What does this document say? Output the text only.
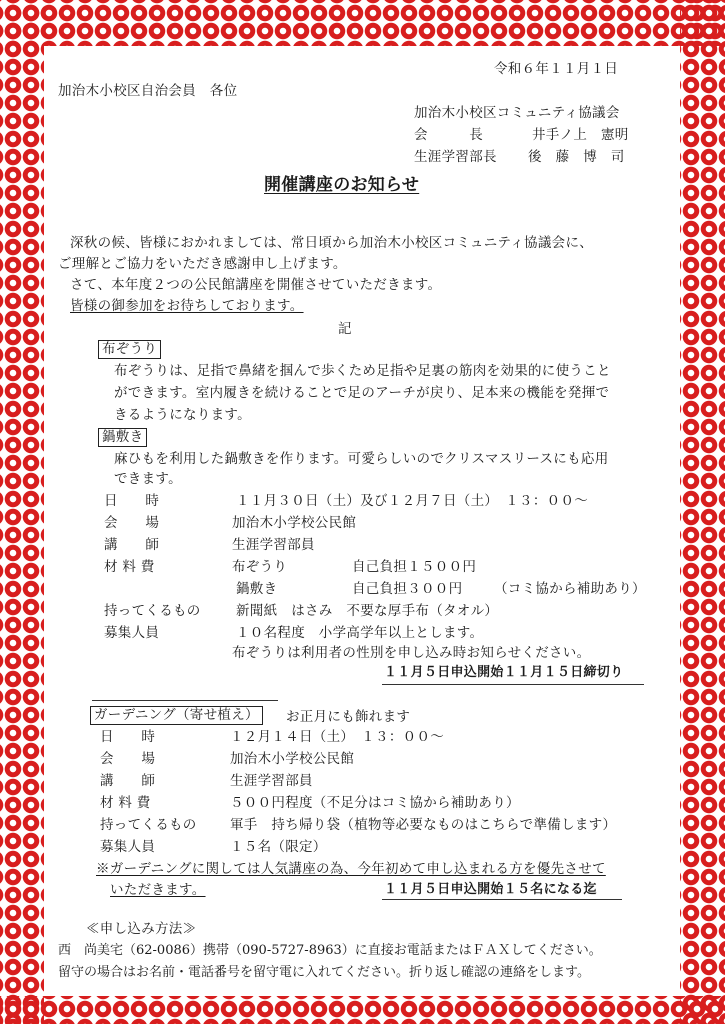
令和６年１１月１日
加治木小校区自治会員　各位
加治木小校区コミュニティ協議会
会　　　長	井手ノ上　憲明
生涯学習部長 後　藤　博　司
開催講座のお知らせ
深秋の候、皆様におかれましては、常日頃から加治木小校区コミュニティ協議会に、
ご理解とご協力をいただき感謝申し上げます。
さて、本年度２つの公民館講座を開催させていただきます。
皆様の御参加をお待ちしております。
記
布ぞうり
布ぞうりは、足指で鼻緒を掴んで歩くため足指や足裏の筋肉を効果的に使うこと
ができます。室内履きを続けることで足のアーチが戻り、足本来の機能を発揮で
きるようになります。
鍋敷き
麻ひもを利用した鍋敷きを作ります。可愛らしいのでクリスマスリースにも応用
できます。
日　　時	１１月３０日（土）及び１２月７日（土）　１３：００～
会　　場	加治木小学校公民館
講　　師	生涯学習部員
材 料 費	布ぞうり	自己負担１５００円
鍋敷き	自己負担３００円 （コミ協から補助あり）
持ってくるもの	新聞紙　はさみ　不要な厚手布（タオル）
募集人員	１０名程度　小学高学年以上とします。
布ぞうりは利用者の性別を申し込み時お知らせください。
１１月５日申込開始１１月１５日締切り
ガーデニング（寄せ植え） お正月にも飾れます
日　　時	１２月１４日（土）　１３：００～
会　　場	加治木小学校公民館
講　　師	生涯学習部員
材 料 費	５００円程度（不足分はコミ協から補助あり）
持ってくるもの 軍手　持ち帰り袋（植物等必要なものはこちらで準備します）
募集人員	１５名（限定）
※ガーデニングに関しては人気講座の為、今年初めて申し込まれる方を優先させて
いただきます。	１１月５日申込開始１５名になる迄
≪申し込み方法≫
西　尚美宅（62-0086）携帯（090-5727-8963）に直接お電話またはＦＡＸしてください。
留守の場合はお名前・電話番号を留守電に入れてください。折り返し確認の連絡をします。
